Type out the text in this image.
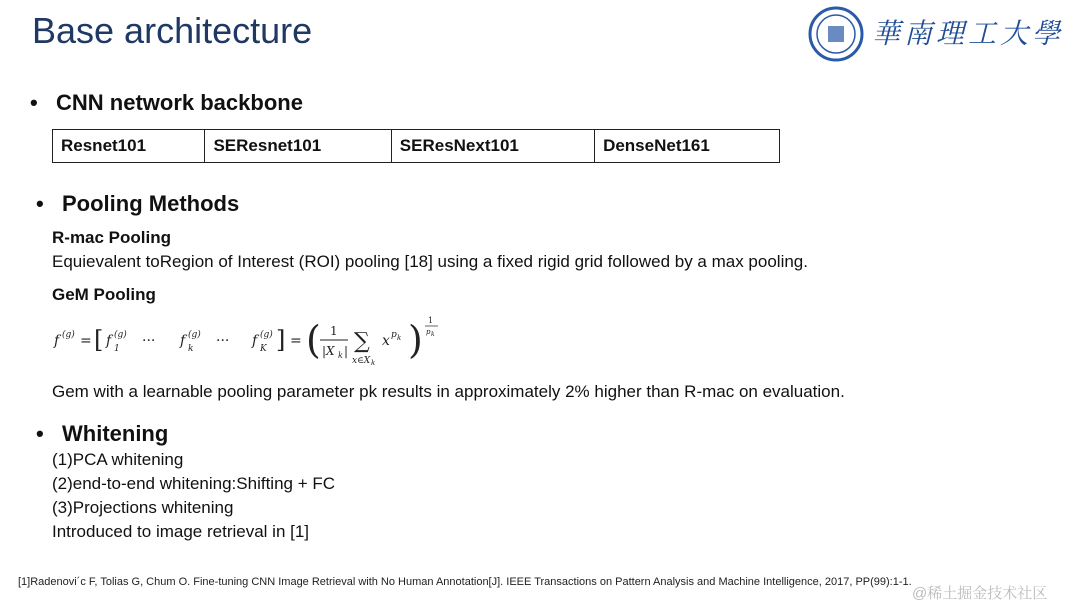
Base architecture	華南理工大學
• CNN network backbone
Resnet101	SEResnet101	SEResNext101	DenseNet161
• Pooling Methods
R-mac Pooling
Equievalent toRegion of Interest (ROI) pooling [18] using a fixed rigid grid followed by a max pooling.
GeM Pooling
f (g) = [ f (g)
1 ··· f (g)
k ··· f (g)
K ] = ( 1
|X k | ∑
x∈X k
x p k ) 1
p k
Gem with a learnable pooling parameter pk results in approximately 2% higher than R-mac on evaluation.
• Whitening
(1)PCA whitening
(2)end-to-end whitening:Shifting + FC
(3)Projections whitening
Introduced to image retrieval in [1]
[1]Radenovi´c F, Tolias G, Chum O. Fine-tuning CNN Image Retrieval with No Human Annotation[J]. IEEE Transactions on Pattern Analysis and Machine Intelligence, 2017, PP(99):1-1.
@稀土掘金技术社区
